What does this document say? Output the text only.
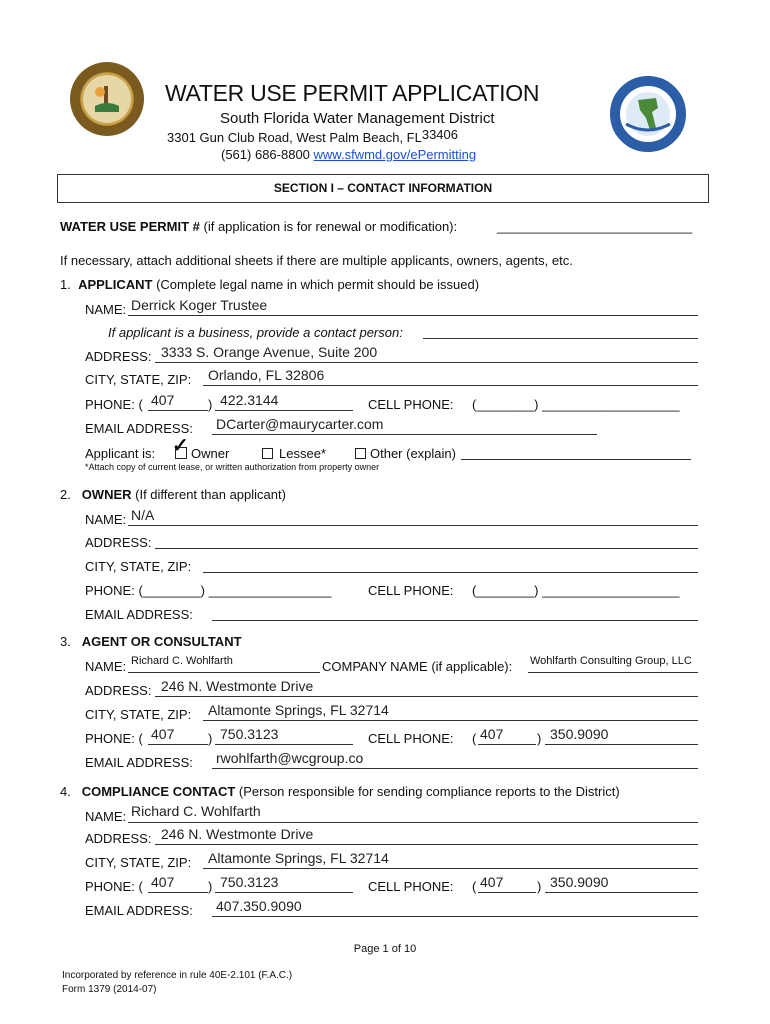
WATER USE PERMIT APPLICATION
South Florida Water Management District
3301 Gun Club Road, West Palm Beach, FL33406
(561) 686-8800 www.sfwmd.gov/ePermitting
SECTION I – CONTACT INFORMATION
WATER USE PERMIT # (if application is for renewal or modification):	___________________________
If necessary, attach additional sheets if there are multiple applicants, owners, agents, etc.
1. APPLICANT (Complete legal name in which permit should be issued)
NAME: Derrick Koger Trustee
If applicant is a business, provide a contact person:
ADDRESS: 3333 S. Orange Avenue, Suite 200
CITY, STATE, ZIP: Orlando, FL 32806
PHONE: ( 407	) 422.3144	CELL PHONE: (________) ___________________
EMAIL ADDRESS: DCarter@maurycarter.com
Applicant is: ✓ Owner	Lessee*	Other (explain)
*Attach copy of current lease, or written authorization from property owner
2. OWNER (If different than applicant)
NAME: N/A
ADDRESS:
CITY, STATE, ZIP:
PHONE: (________) _________________	CELL PHONE: (________) ___________________
EMAIL ADDRESS:
3. AGENT OR CONSULTANT
NAME: Richard C. Wohlfarth	COMPANY NAME (if applicable): Wohlfarth Consulting Group, LLC
ADDRESS: 246 N. Westmonte Drive
CITY, STATE, ZIP: Altamonte Springs, FL 32714
PHONE: ( 407	) 750.3123	CELL PHONE: ( 407	) 350.9090
EMAIL ADDRESS: rwohlfarth@wcgroup.co
4. COMPLIANCE CONTACT (Person responsible for sending compliance reports to the District)
NAME: Richard C. Wohlfarth
ADDRESS: 246 N. Westmonte Drive
CITY, STATE, ZIP: Altamonte Springs, FL 32714
PHONE: ( 407	) 750.3123	CELL PHONE: ( 407	) 350.9090
EMAIL ADDRESS: 407.350.9090
Page 1 of 10
Incorporated by reference in rule 40E-2.101 (F.A.C.)
Form 1379 (2014-07)
